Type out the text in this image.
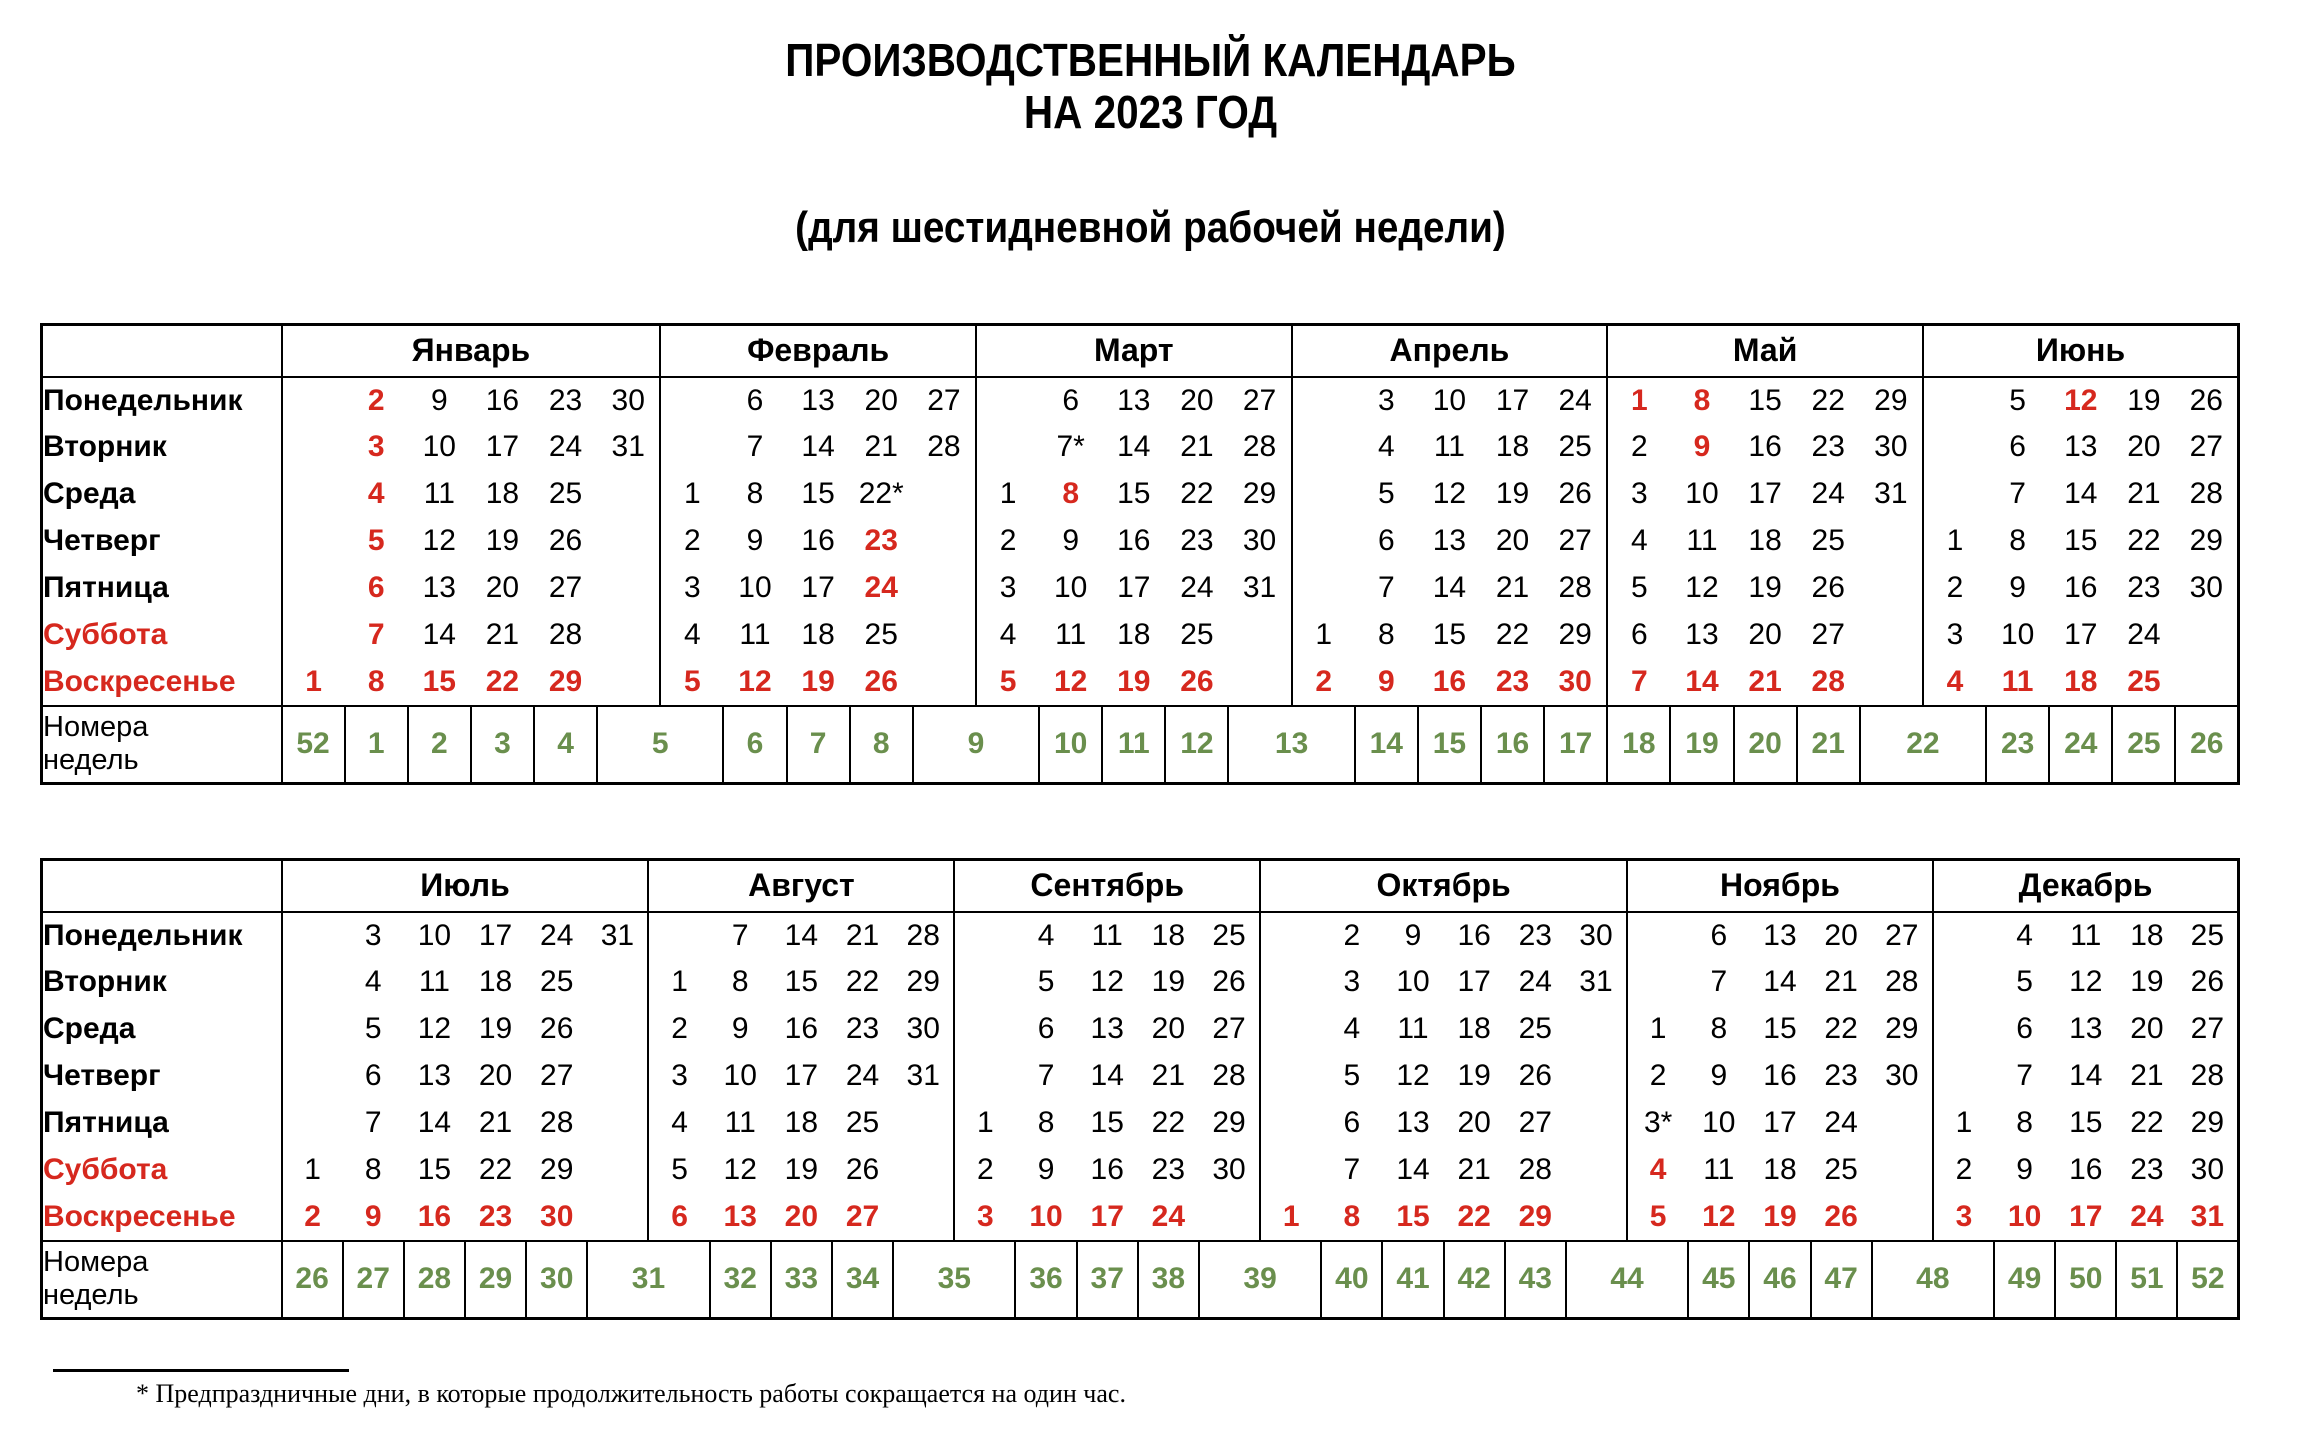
ПРОИЗВОДСТВЕННЫЙ КАЛЕНДАРЬ
НА 2023 ГОД
(для шестидневной рабочей недели)
	Январь						Февраль					Март					Апрель					Май					Июнь				
Понедельник		2	9	16	23	30		6	13	20	27		6	13	20	27		3	10	17	24	1	8	15	22	29		5	12	19	26
Вторник		3	10	17	24	31		7	14	21	28		7*	14	21	28		4	11	18	25	2	9	16	23	30		6	13	20	27
Среда		4	11	18	25		1	8	15	22*		1	8	15	22	29		5	12	19	26	3	10	17	24	31		7	14	21	28
Четверг		5	12	19	26		2	9	16	23		2	9	16	23	30		6	13	20	27	4	11	18	25		1	8	15	22	29
Пятница		6	13	20	27		3	10	17	24		3	10	17	24	31		7	14	21	28	5	12	19	26		2	9	16	23	30
Суббота		7	14	21	28		4	11	18	25		4	11	18	25		1	8	15	22	29	6	13	20	27		3	10	17	24	
Воскресенье	1	8	15	22	29		5	12	19	26		5	12	19	26		2	9	16	23	30	7	14	21	28		4	11	18	25	

Номера
недель	52	1	2	3	4	5		6	7	8	9		10	11	12	13		14	15	16	17	18	19	20	21	22		23	24	25	26
	Июль						Август					Сентябрь					Октябрь						Ноябрь					Декабрь				
Понедельник		3	10	17	24	31		7	14	21	28		4	11	18	25		2	9	16	23	30		6	13	20	27		4	11	18	25
Вторник		4	11	18	25		1	8	15	22	29		5	12	19	26		3	10	17	24	31		7	14	21	28		5	12	19	26
Среда		5	12	19	26		2	9	16	23	30		6	13	20	27		4	11	18	25		1	8	15	22	29		6	13	20	27
Четверг		6	13	20	27		3	10	17	24	31		7	14	21	28		5	12	19	26		2	9	16	23	30		7	14	21	28
Пятница		7	14	21	28		4	11	18	25		1	8	15	22	29		6	13	20	27		3*	10	17	24		1	8	15	22	29
Суббота	1	8	15	22	29		5	12	19	26		2	9	16	23	30		7	14	21	28		4	11	18	25		2	9	16	23	30
Воскресенье	2	9	16	23	30		6	13	20	27		3	10	17	24		1	8	15	22	29		5	12	19	26		3	10	17	24	31

Номера
недель	26	27	28	29	30	31		32	33	34	35		36	37	38	39		40	41	42	43	44		45	46	47	48		49	50	51	52
* Предпраздничные дни, в которые продолжительность работы сокращается на один час.
